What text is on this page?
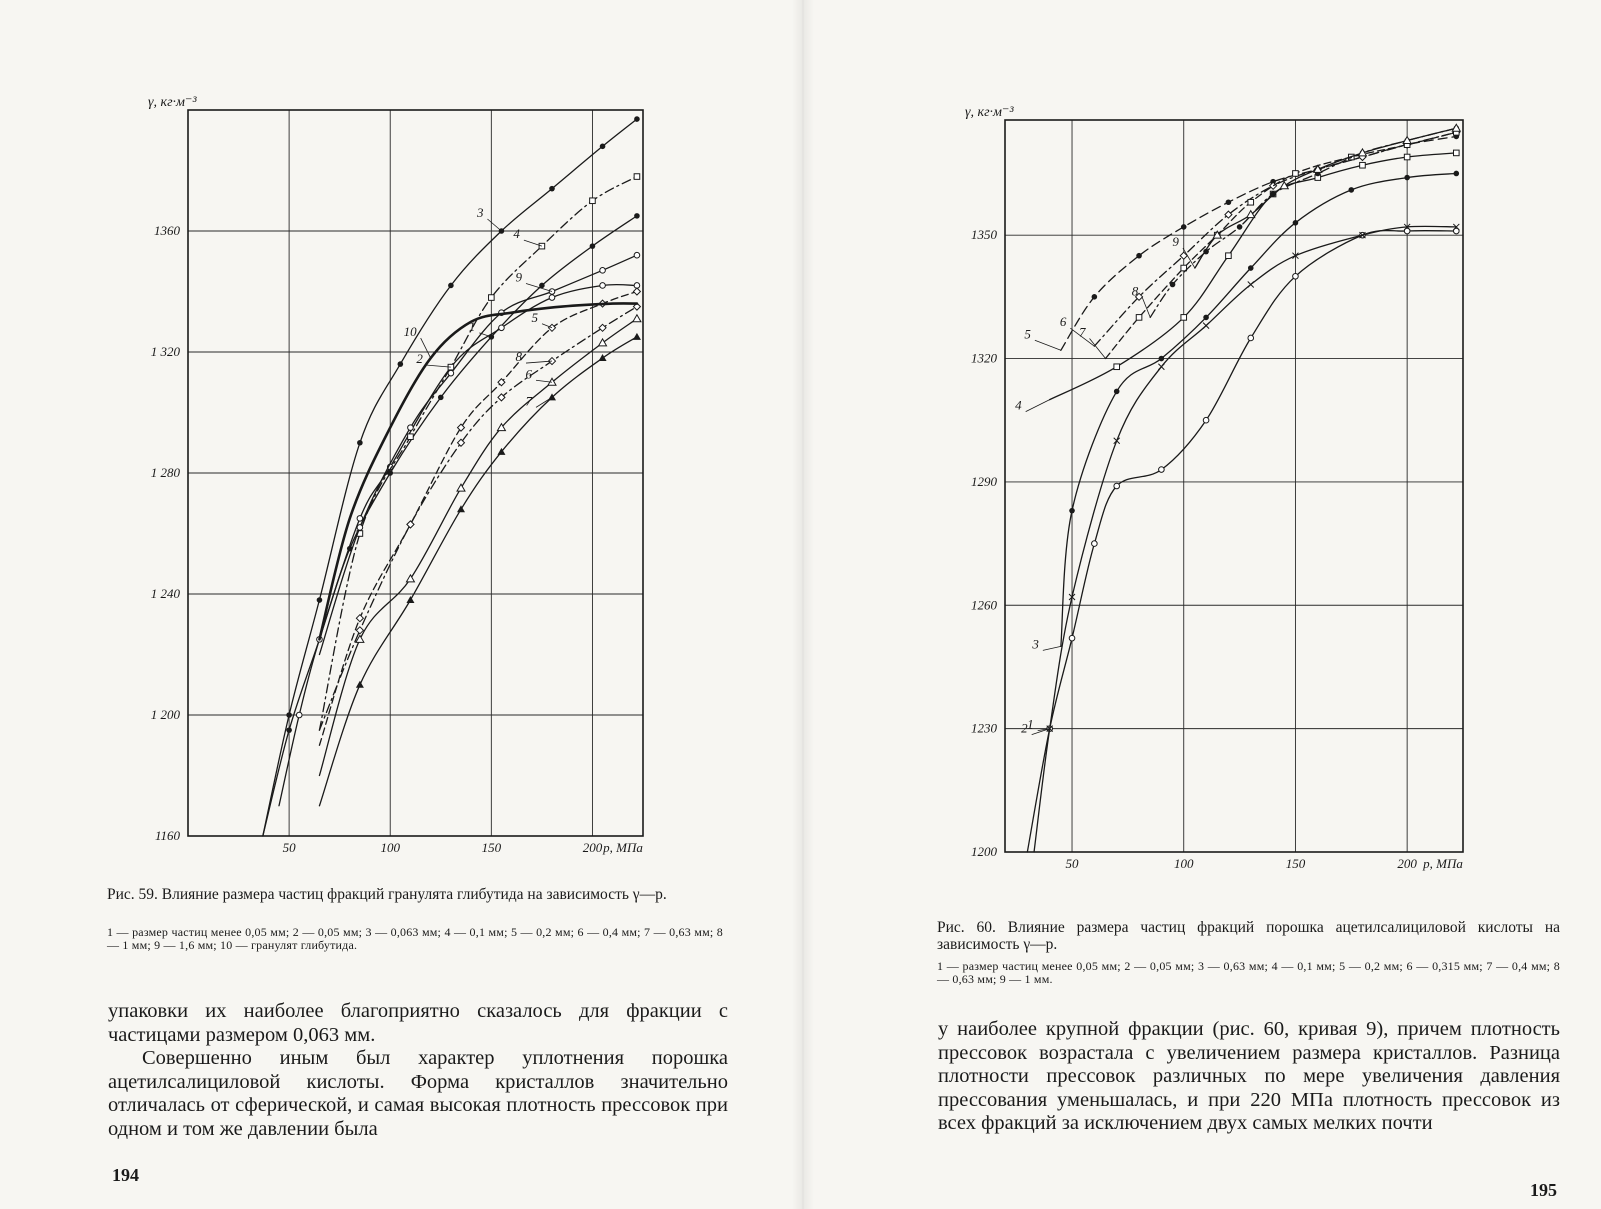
50	100	150	200
1160
1 200
1 240
1 280
1 320
1360
γ, кг·м⁻³
p, МПа
1
2
3
4
5
6
7
8
9
10
Рис. 59. Влияние размера частиц фракций гранулята глибутида на зависимость γ—p.
1 — размер частиц менее 0,05 мм; 2 — 0,05 мм; 3 — 0,063 мм; 4 — 0,1 мм; 5 — 0,2 мм; 6 — 0,4 мм; 7 — 0,63 мм; 8 — 1 мм; 9 — 1,6 мм; 10 — гранулят глибутида.

упаковки их наиболее благоприятно сказалось для фракции с частицами размером 0,063 мм.

Совершенно иным был характер уплотнения порошка ацетилсалициловой кислоты. Форма кристаллов значительно отличалась от сферической, и самая высокая плотность прессовок при одном и том же давлении была

194
50	100	150	200
1200
1230
1260
1290
1320
1350
γ, кг·м⁻³
p, МПа
1
2
3
4
5
6
7
8
9
Рис. 60. Влияние размера частиц фракций порошка ацетилсалициловой кислоты на зависимость γ—p.
1 — размер частиц менее 0,05 мм; 2 — 0,05 мм; 3 — 0,63 мм; 4 — 0,1 мм; 5 — 0,2 мм; 6 — 0,315 мм; 7 — 0,4 мм; 8 — 0,63 мм; 9 — 1 мм.

у наиболее крупной фракции (рис. 60, кривая 9), причем плотность прессовок возрастала с увеличением размера кристаллов. Разница плотности прессовок различных по мере увеличения давления прессования уменьшалась, и при 220 МПа плотность прессовок из всех фракций за исключением двух самых мелких почти

195
